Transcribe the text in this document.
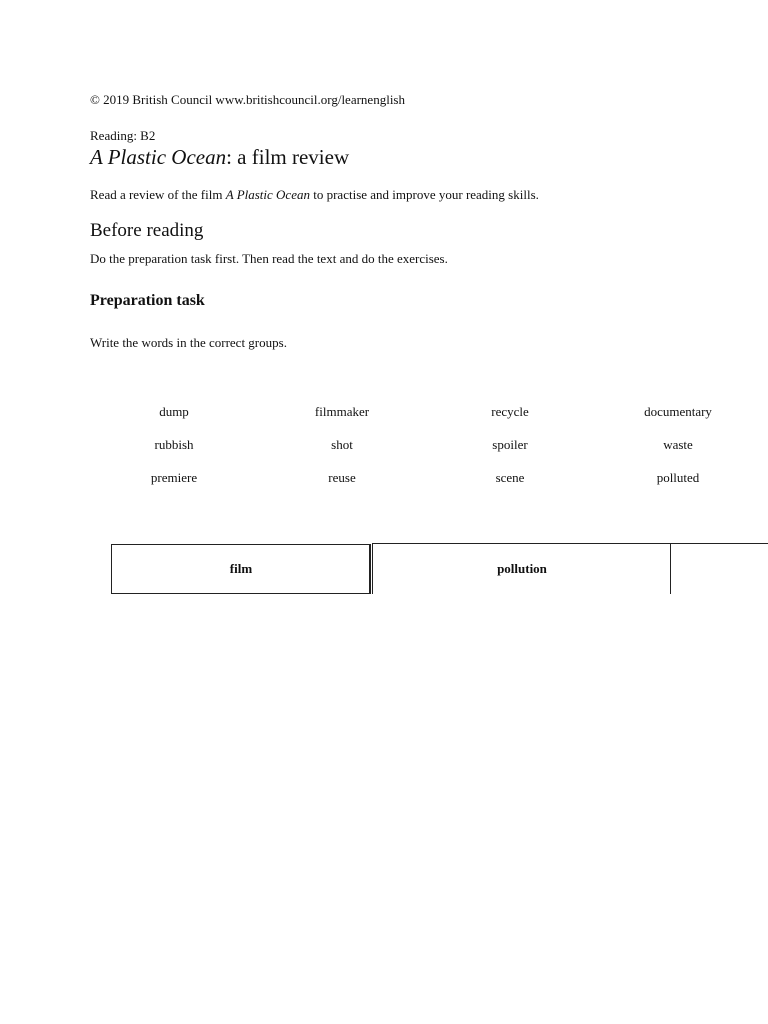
© 2019 British Council www.britishcouncil.org/learnenglish
Reading: B2
A Plastic Ocean: a film review
Read a review of the film A Plastic Ocean to practise and improve your reading skills.
Before reading
Do the preparation task first. Then read the text and do the exercises.
Preparation task
Write the words in the correct groups.
dump	filmmaker	recycle	documentary
rubbish	shot	spoiler	waste
premiere	reuse	scene	polluted
film	pollution
